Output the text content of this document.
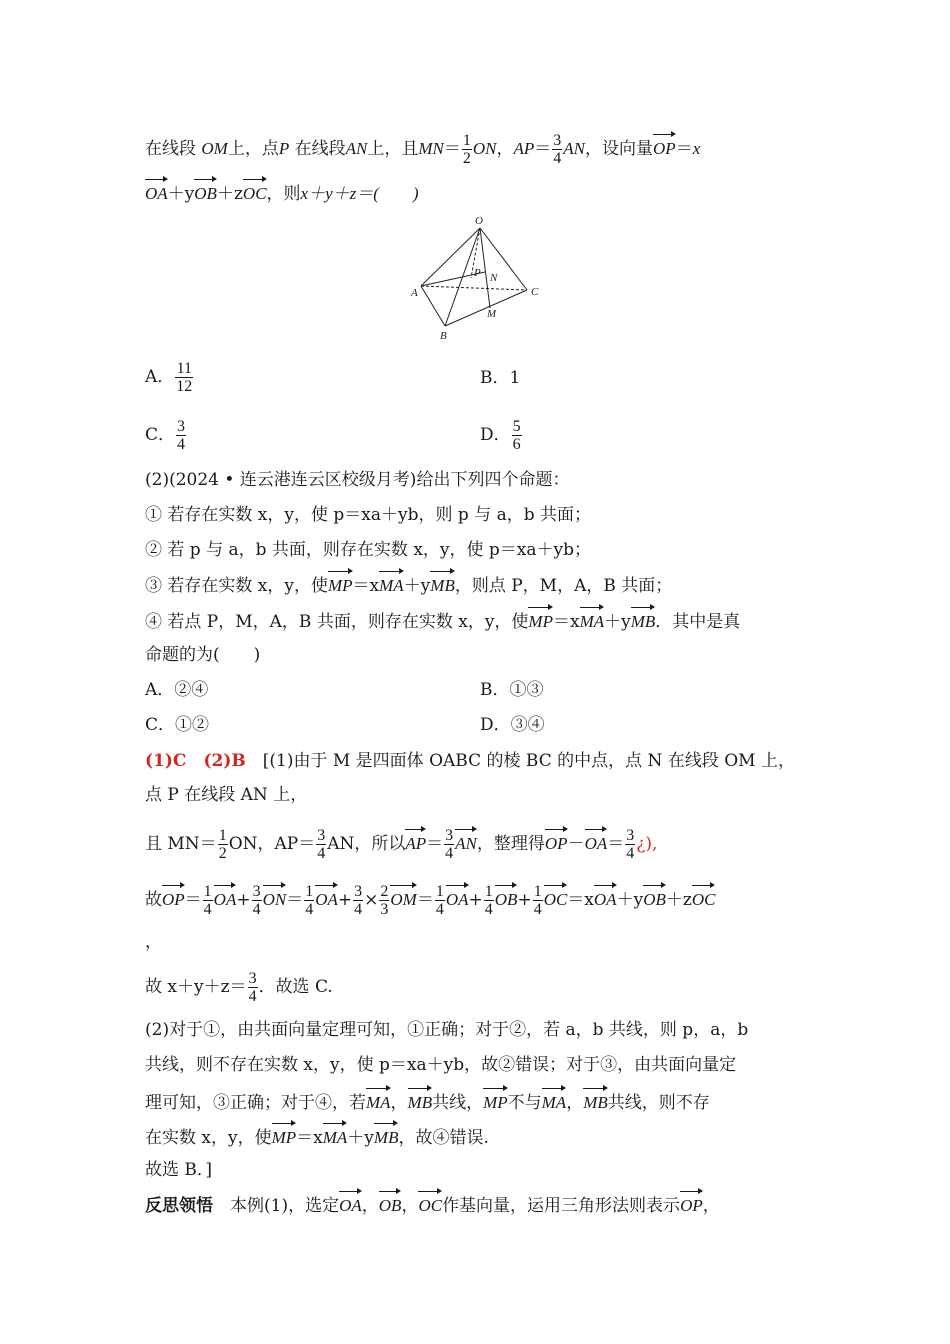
在线段 OM上，点P 在线段AN上，且$MN= \frac{1}{2}$ ON，$AP= \frac{3}{4}$ AN，设向量OP＝x
OA＋yOB＋zOC，则x＋y＋z＝(　　)
O
A
B
C
P N
M
A． $\frac{11}{12}$	B．1
C． $\frac{3}{4}$	D． $\frac{5}{6}$
(2)(2024 • 连云港连云区校级月考)给出下列四个命题：
① 若存在实数 x，y，使 p＝xa＋yb，则 p 与 a，b 共面；
② 若 p 与 a，b 共面，则存在实数 x，y，使 p＝xa＋yb；
③ 若存在实数 x，y，使MP＝xMA＋yMB，则点 P，M，A，B 共面；
④ 若点 P，M，A，B 共面，则存在实数 x，y，使MP＝xMA＋yMB．其中是真
命题的为(　　)
A．②④	B．①③
C．①②	D．③④
(1)C　 (2)B　 [(1)由于 M 是四面体 OABC 的棱 BC 的中点，点 N 在线段 OM 上，
点 P 在线段 AN 上，
且 $MN= \frac{1}{2}$ ON，$AP= \frac{3}{4}$ AN，所以$AP= \frac{3}{4}$ AN，整理得$OP-OA= \frac{3}{4}$ ¿),
故$OP= \frac{1}{4} OA+ \frac{3}{4} ON= \frac{1}{4} OA+ \frac{3}{4} \times \frac{2}{3} OM= \frac{1}{4} OA+ \frac{1}{4} OB+ \frac{1}{4} OC=xOA+yOB+zOC$
，
故 $x+y+z= \frac{3}{4}$ ．故选 C.
(2)对于①，由共面向量定理可知，①正确；对于②，若 a，b 共线，则 p，a，b
共线，则不存在实数 x，y，使 p＝xa＋yb，故②错误；对于③，由共面向量定
理可知，③正确；对于④，若MA，MB共线，MP不与MA，MB共线，则不存
在实数 x，y，使MP＝xMA＋yMB，故④错误.
故选 B．]
反思领悟　 本例(1)，选定OA，OB，OC作基向量，运用三角形法则表示OP，
